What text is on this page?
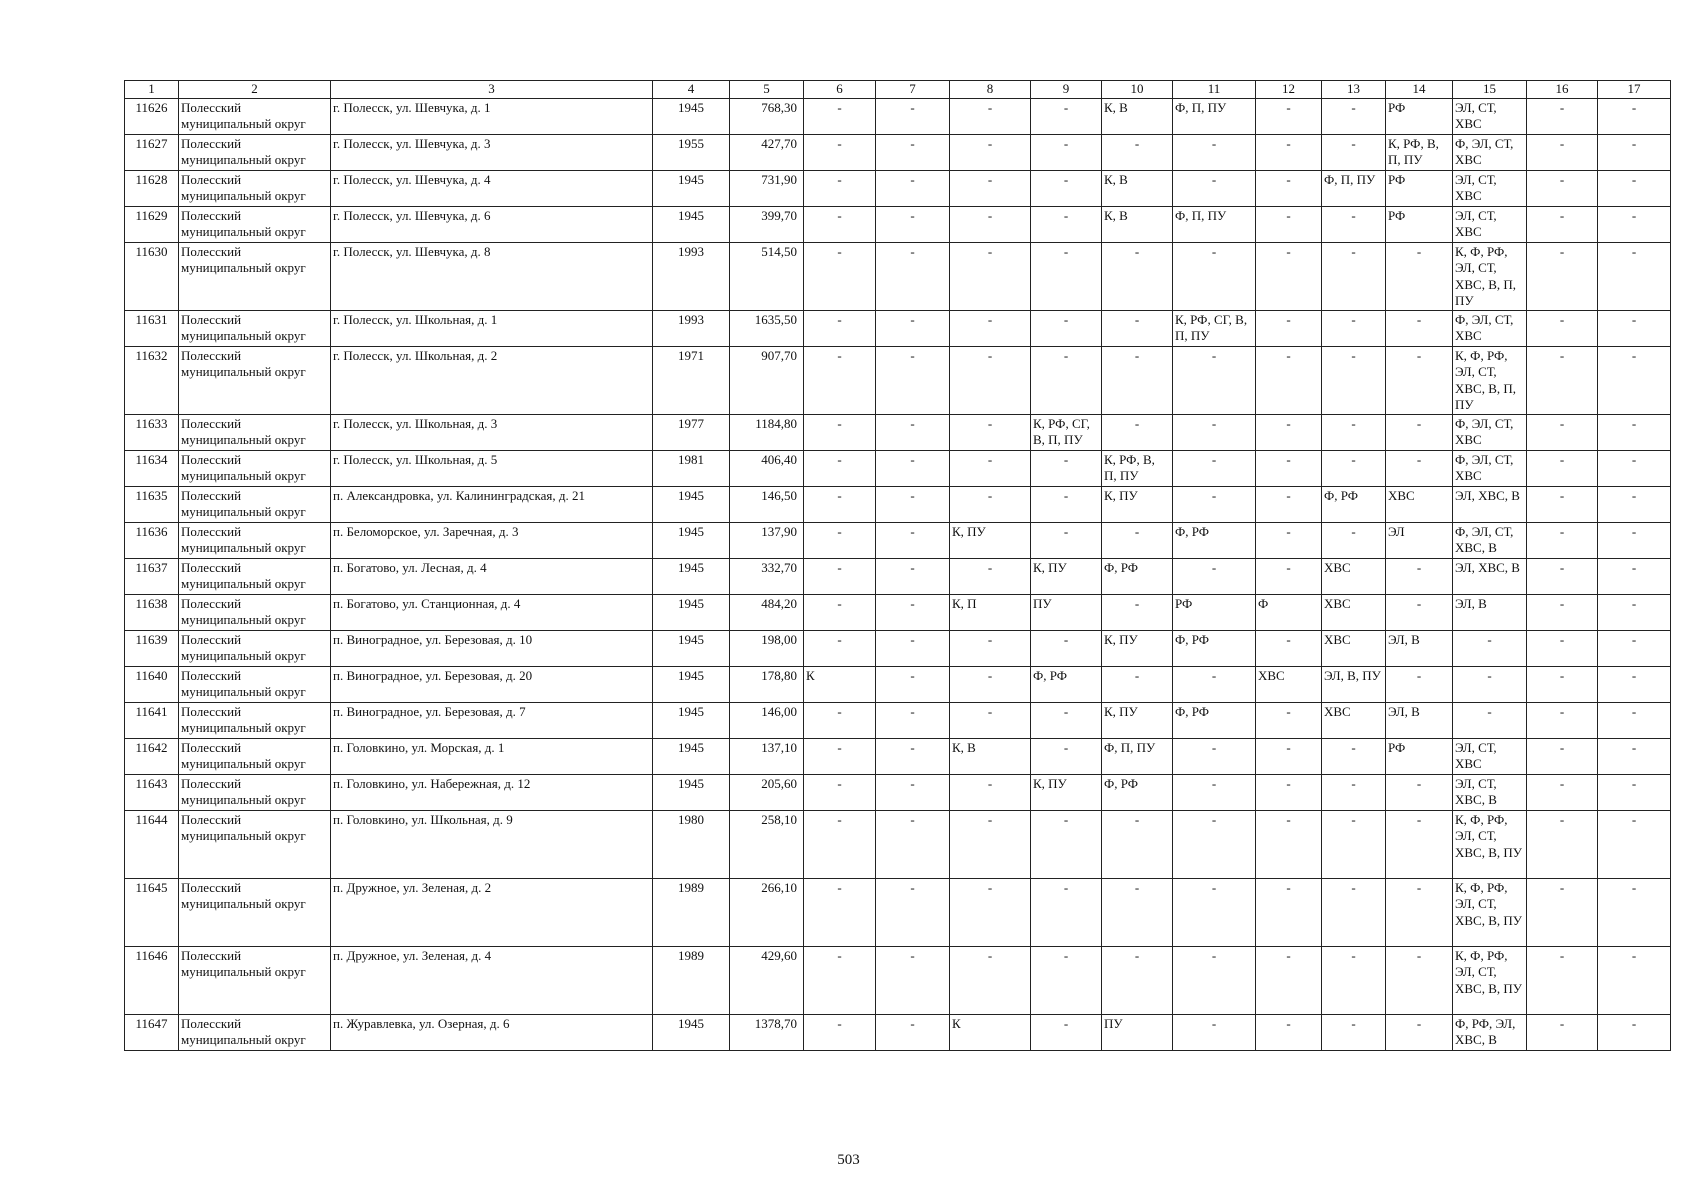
1	2	3	4	5	6	7	8	9	10	11	12	13	14	15	16	17
11626	Полесский муниципальный округ	г. Полесск, ул. Шевчука, д. 1	1945	768,30	-	-	-	-	К, В	Ф, П, ПУ	-	-	РФ	ЭЛ, СТ, ХВС	-	-
11627	Полесский муниципальный округ	г. Полесск, ул. Шевчука, д. 3	1955	427,70	-	-	-	-	-	-	-	-	К, РФ, В, П, ПУ	Ф, ЭЛ, СТ, ХВС	-	-
11628	Полесский муниципальный округ	г. Полесск, ул. Шевчука, д. 4	1945	731,90	-	-	-	-	К, В	-	-	Ф, П, ПУ	РФ	ЭЛ, СТ, ХВС	-	-
11629	Полесский муниципальный округ	г. Полесск, ул. Шевчука, д. 6	1945	399,70	-	-	-	-	К, В	Ф, П, ПУ	-	-	РФ	ЭЛ, СТ, ХВС	-	-
11630	Полесский муниципальный округ	г. Полесск, ул. Шевчука, д. 8	1993	514,50	-	-	-	-	-	-	-	-	-	К, Ф, РФ, ЭЛ, СТ, ХВС, В, П, ПУ	-	-
11631	Полесский муниципальный округ	г. Полесск, ул. Школьная, д. 1	1993	1635,50	-	-	-	-	-	К, РФ, СГ, В, П, ПУ	-	-	-	Ф, ЭЛ, СТ, ХВС	-	-
11632	Полесский муниципальный округ	г. Полесск, ул. Школьная, д. 2	1971	907,70	-	-	-	-	-	-	-	-	-	К, Ф, РФ, ЭЛ, СТ, ХВС, В, П, ПУ	-	-
11633	Полесский муниципальный округ	г. Полесск, ул. Школьная, д. 3	1977	1184,80	-	-	-	К, РФ, СГ, В, П, ПУ	-	-	-	-	-	Ф, ЭЛ, СТ, ХВС	-	-
11634	Полесский муниципальный округ	г. Полесск, ул. Школьная, д. 5	1981	406,40	-	-	-	-	К, РФ, В, П, ПУ	-	-	-	-	Ф, ЭЛ, СТ, ХВС	-	-
11635	Полесский муниципальный округ	п. Александровка, ул. Калининградская, д. 21	1945	146,50	-	-	-	-	К, ПУ	-	-	Ф, РФ	ХВС	ЭЛ, ХВС, В	-	-
11636	Полесский муниципальный округ	п. Беломорское, ул. Заречная, д. 3	1945	137,90	-	-	К, ПУ	-	-	Ф, РФ	-	-	ЭЛ	Ф, ЭЛ, СТ, ХВС, В	-	-
11637	Полесский муниципальный округ	п. Богатово, ул. Лесная, д. 4	1945	332,70	-	-	-	К, ПУ	Ф, РФ	-	-	ХВС	-	ЭЛ, ХВС, В	-	-
11638	Полесский муниципальный округ	п. Богатово, ул. Станционная, д. 4	1945	484,20	-	-	К, П	ПУ	-	РФ	Ф	ХВС	-	ЭЛ, В	-	-
11639	Полесский муниципальный округ	п. Виноградное, ул. Березовая, д. 10	1945	198,00	-	-	-	-	К, ПУ	Ф, РФ	-	ХВС	ЭЛ, В	-	-	-
11640	Полесский муниципальный округ	п. Виноградное, ул. Березовая, д. 20	1945	178,80	К	-	-	Ф, РФ	-	-	ХВС	ЭЛ, В, ПУ	-	-	-	-
11641	Полесский муниципальный округ	п. Виноградное, ул. Березовая, д. 7	1945	146,00	-	-	-	-	К, ПУ	Ф, РФ	-	ХВС	ЭЛ, В	-	-	-
11642	Полесский муниципальный округ	п. Головкино, ул. Морская, д. 1	1945	137,10	-	-	К, В	-	Ф, П, ПУ	-	-	-	РФ	ЭЛ, СТ, ХВС	-	-
11643	Полесский муниципальный округ	п. Головкино, ул. Набережная, д. 12	1945	205,60	-	-	-	К, ПУ	Ф, РФ	-	-	-	-	ЭЛ, СТ, ХВС, В	-	-
11644	Полесский муниципальный округ	п. Головкино, ул. Школьная, д. 9	1980	258,10	-	-	-	-	-	-	-	-	-	К, Ф, РФ, ЭЛ, СТ, ХВС, В, ПУ	-	-
11645	Полесский муниципальный округ	п. Дружное, ул. Зеленая, д. 2	1989	266,10	-	-	-	-	-	-	-	-	-	К, Ф, РФ, ЭЛ, СТ, ХВС, В, ПУ	-	-
11646	Полесский муниципальный округ	п. Дружное, ул. Зеленая, д. 4	1989	429,60	-	-	-	-	-	-	-	-	-	К, Ф, РФ, ЭЛ, СТ, ХВС, В, ПУ	-	-
11647	Полесский муниципальный округ	п. Журавлевка, ул. Озерная, д. 6	1945	1378,70	-	-	К	-	ПУ	-	-	-	-	Ф, РФ, ЭЛ, ХВС, В	-	-
503
